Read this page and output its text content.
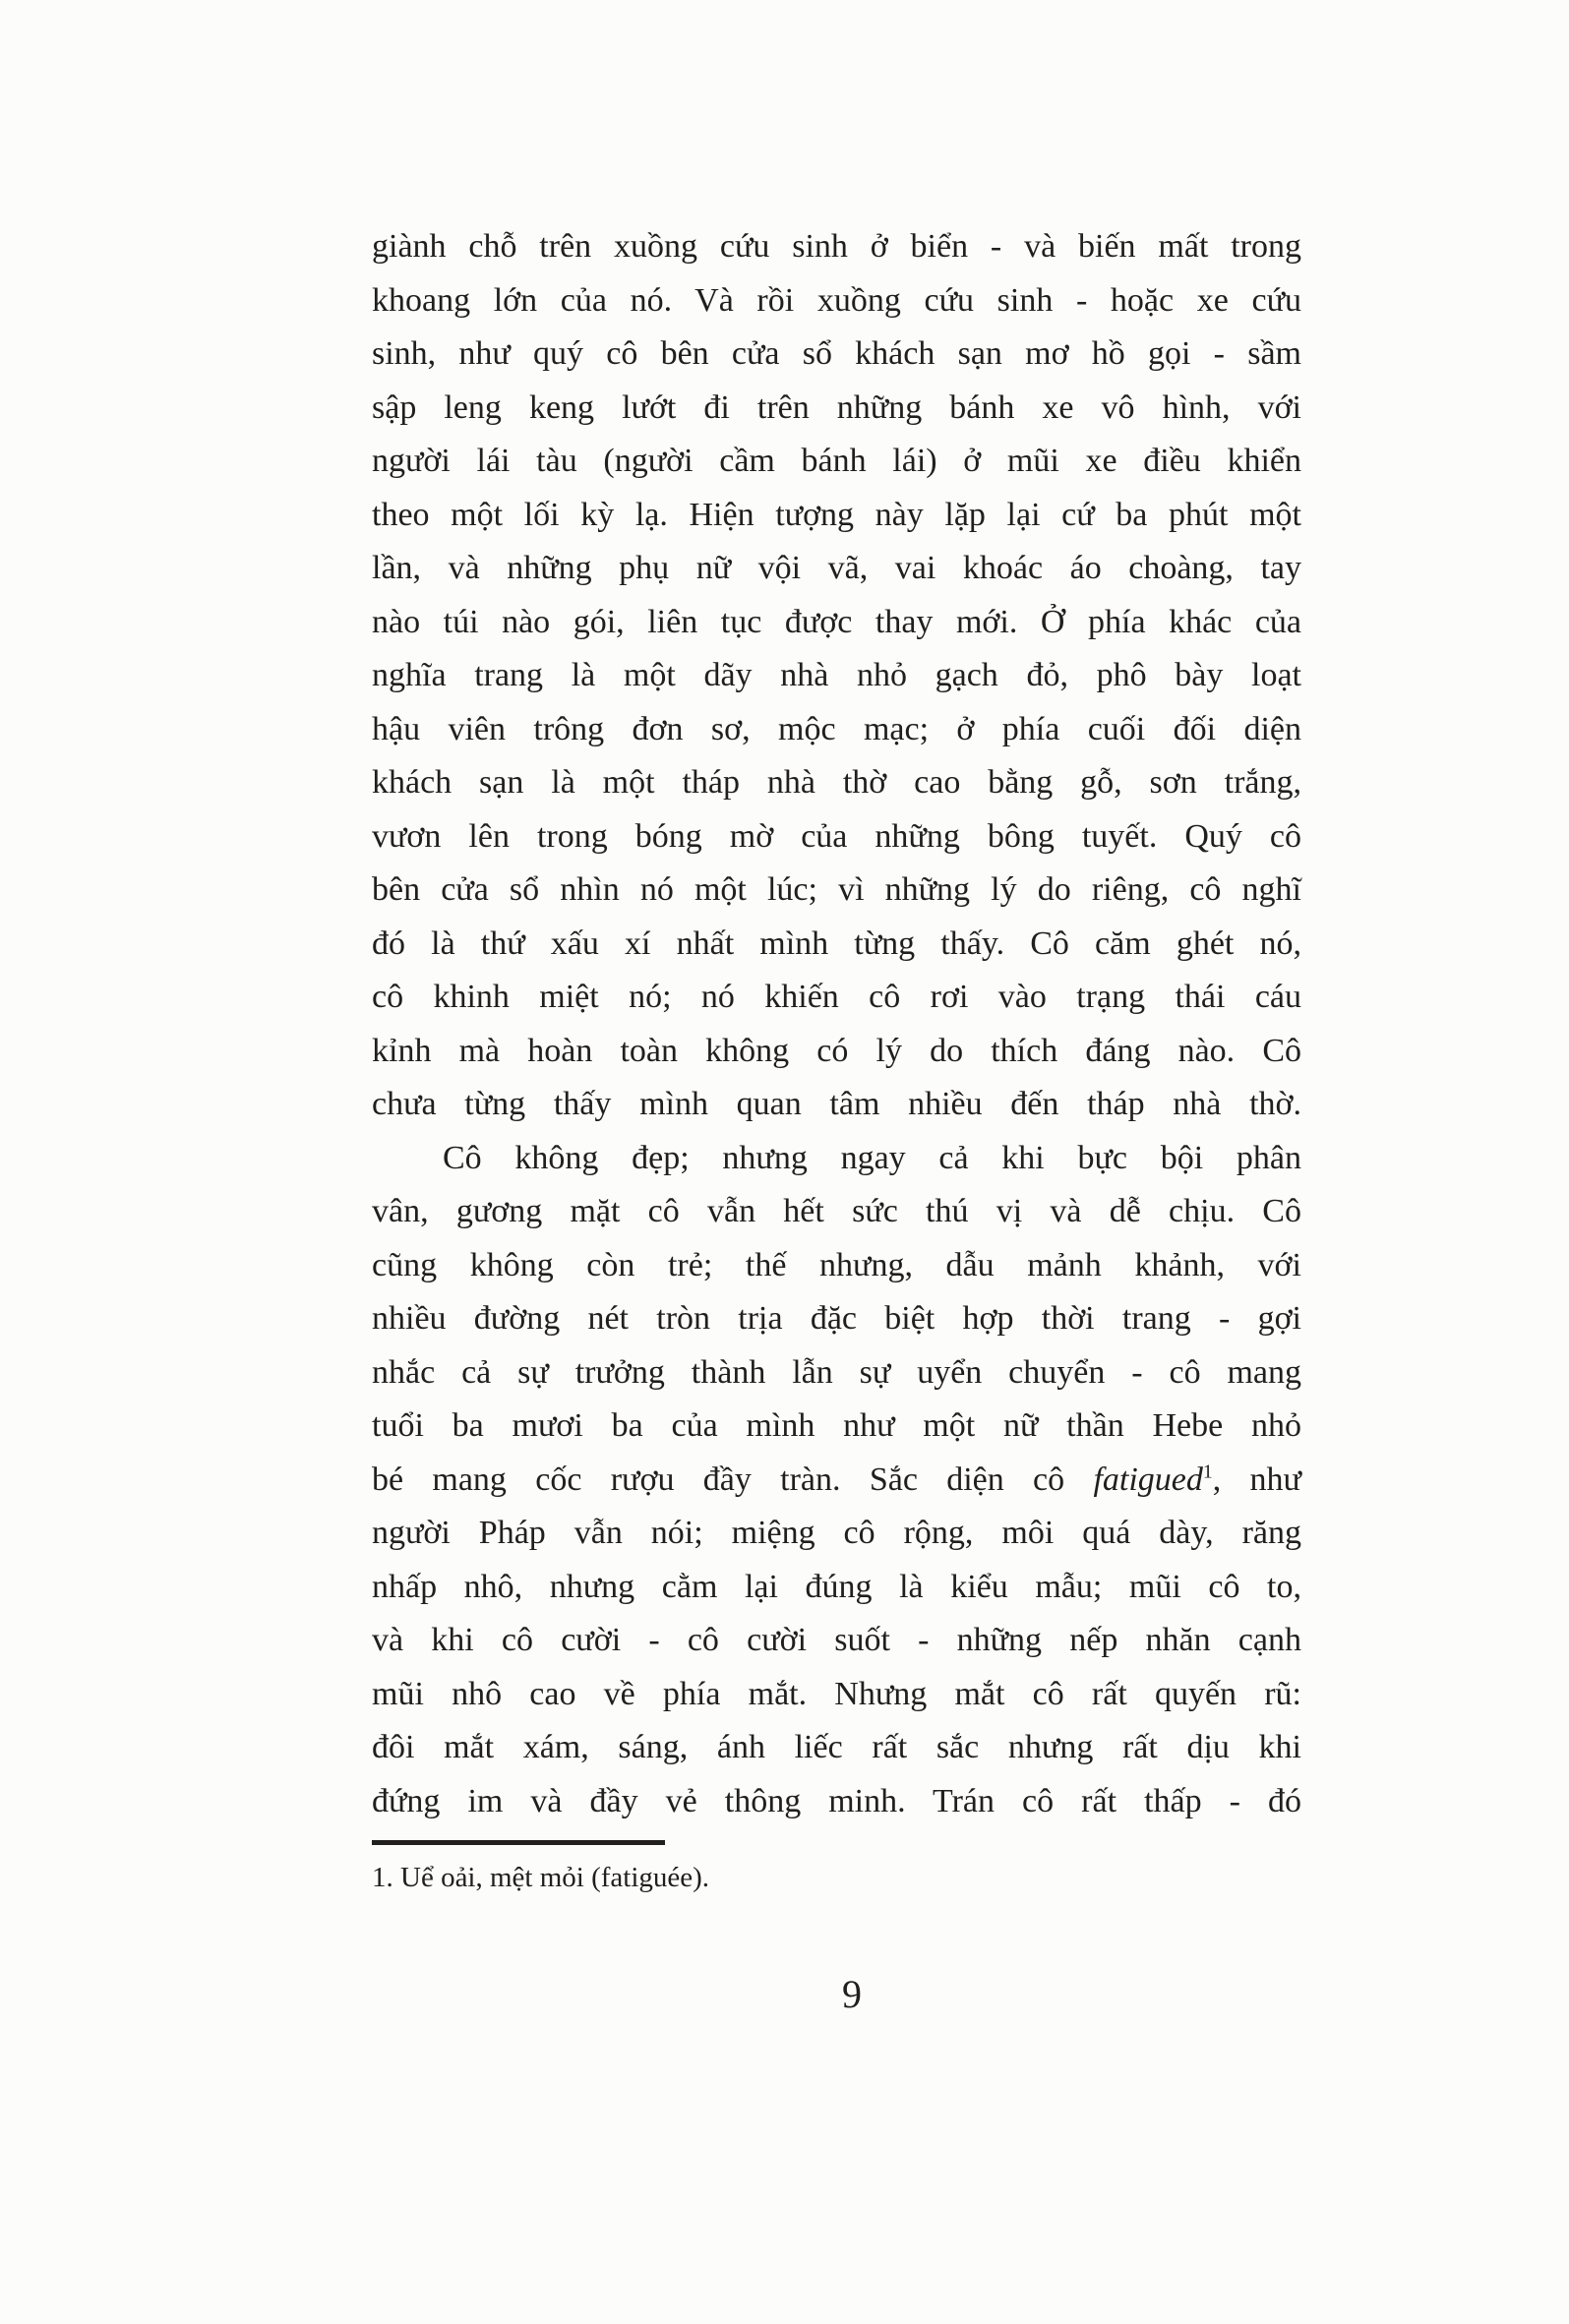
giành chỗ trên xuồng cứu sinh ở biển - và biến mất trong
khoang lớn của nó. Và rồi xuồng cứu sinh - hoặc xe cứu
sinh, như quý cô bên cửa sổ khách sạn mơ hồ gọi - sầm
sập leng keng lướt đi trên những bánh xe vô hình, với
người lái tàu (người cầm bánh lái) ở mũi xe điều khiển
theo một lối kỳ lạ. Hiện tượng này lặp lại cứ ba phút một
lần, và những phụ nữ vội vã, vai khoác áo choàng, tay
nào túi nào gói, liên tục được thay mới. Ở phía khác của
nghĩa trang là một dãy nhà nhỏ gạch đỏ, phô bày loạt
hậu viên trông đơn sơ, mộc mạc; ở phía cuối đối diện
khách sạn là một tháp nhà thờ cao bằng gỗ, sơn trắng,
vươn lên trong bóng mờ của những bông tuyết. Quý cô
bên cửa sổ nhìn nó một lúc; vì những lý do riêng, cô nghĩ
đó là thứ xấu xí nhất mình từng thấy. Cô căm ghét nó,
cô khinh miệt nó; nó khiến cô rơi vào trạng thái cáu
kỉnh mà hoàn toàn không có lý do thích đáng nào. Cô
chưa từng thấy mình quan tâm nhiều đến tháp nhà thờ.
Cô không đẹp; nhưng ngay cả khi bực bội phân
vân, gương mặt cô vẫn hết sức thú vị và dễ chịu. Cô
cũng không còn trẻ; thế nhưng, dẫu mảnh khảnh, với
nhiều đường nét tròn trịa đặc biệt hợp thời trang - gợi
nhắc cả sự trưởng thành lẫn sự uyển chuyển - cô mang
tuổi ba mươi ba của mình như một nữ thần Hebe nhỏ
bé mang cốc rượu đầy tràn. Sắc diện cô fatigued$^1$, như
người Pháp vẫn nói; miệng cô rộng, môi quá dày, răng
nhấp nhô, nhưng cằm lại đúng là kiểu mẫu; mũi cô to,
và khi cô cười - cô cười suốt - những nếp nhăn cạnh
mũi nhô cao về phía mắt. Nhưng mắt cô rất quyến rũ:
đôi mắt xám, sáng, ánh liếc rất sắc nhưng rất dịu khi
đứng im và đầy vẻ thông minh. Trán cô rất thấp - đó
1. Uể oải, mệt mỏi (fatiguée).
9
